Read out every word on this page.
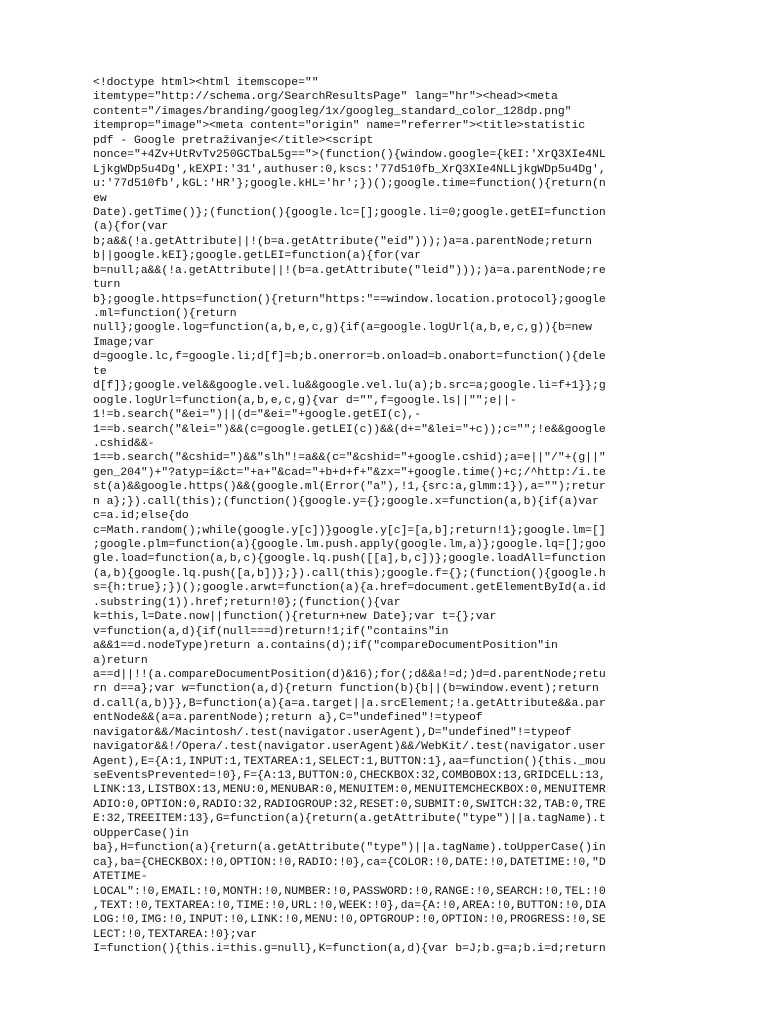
<!doctype html><html itemscope=""
itemtype="http://schema.org/SearchResultsPage" lang="hr"><head><meta
content="/images/branding/googleg/1x/googleg_standard_color_128dp.png"
itemprop="image"><meta content="origin" name="referrer"><title>statistic
pdf - Google pretraživanje</title><script
nonce="+4Zv+UtRvTv250GCTbaL5g==">(function(){window.google={kEI:'XrQ3XIe4NL
LjkgWDp5u4Dg',kEXPI:'31',authuser:0,kscs:'77d510fb_XrQ3XIe4NLLjkgWDp5u4Dg',
u:'77d510fb',kGL:'HR'};google.kHL='hr';})();google.time=function(){return(n
ew
Date).getTime()};(function(){google.lc=[];google.li=0;google.getEI=function
(a){for(var
b;a&&(!a.getAttribute||!(b=a.getAttribute("eid")));)a=a.parentNode;return
b||google.kEI};google.getLEI=function(a){for(var
b=null;a&&(!a.getAttribute||!(b=a.getAttribute("leid")));)a=a.parentNode;re
turn
b};google.https=function(){return"https:"==window.location.protocol};google
.ml=function(){return
null};google.log=function(a,b,e,c,g){if(a=google.logUrl(a,b,e,c,g)){b=new
Image;var
d=google.lc,f=google.li;d[f]=b;b.onerror=b.onload=b.onabort=function(){dele
te
d[f]};google.vel&&google.vel.lu&&google.vel.lu(a);b.src=a;google.li=f+1}};g
oogle.logUrl=function(a,b,e,c,g){var d="",f=google.ls||"";e||-
1!=b.search("&ei=")||(d="&ei="+google.getEI(c),-
1==b.search("&lei=")&&(c=google.getLEI(c))&&(d+="&lei="+c));c="";!e&&google
.cshid&&-
1==b.search("&cshid=")&&"slh"!=a&&(c="&cshid="+google.cshid);a=e||"/"+(g||"
gen_204")+"?atyp=i&ct="+a+"&cad="+b+d+f+"&zx="+google.time()+c;/^http:/i.te
st(a)&&google.https()&&(google.ml(Error("a"),!1,{src:a,glmm:1}),a="");retur
n a};}).call(this);(function(){google.y={};google.x=function(a,b){if(a)var
c=a.id;else{do
c=Math.random();while(google.y[c])}google.y[c]=[a,b];return!1};google.lm=[]
;google.plm=function(a){google.lm.push.apply(google.lm,a)};google.lq=[];goo
gle.load=function(a,b,c){google.lq.push([[a],b,c])};google.loadAll=function
(a,b){google.lq.push([a,b])};}).call(this);google.f={};(function(){google.h
s={h:true};})();google.arwt=function(a){a.href=document.getElementById(a.id
.substring(1)).href;return!0};(function(){var
k=this,l=Date.now||function(){return+new Date};var t={};var
v=function(a,d){if(null===d)return!1;if("contains"in
a&&1==d.nodeType)return a.contains(d);if("compareDocumentPosition"in
a)return
a==d||!!(a.compareDocumentPosition(d)&16);for(;d&&a!=d;)d=d.parentNode;retu
rn d==a};var w=function(a,d){return function(b){b||(b=window.event);return
d.call(a,b)}},B=function(a){a=a.target||a.srcElement;!a.getAttribute&&a.par
entNode&&(a=a.parentNode);return a},C="undefined"!=typeof
navigator&&/Macintosh/.test(navigator.userAgent),D="undefined"!=typeof
navigator&&!/Opera/.test(navigator.userAgent)&&/WebKit/.test(navigator.user
Agent),E={A:1,INPUT:1,TEXTAREA:1,SELECT:1,BUTTON:1},aa=function(){this._mou
seEventsPrevented=!0},F={A:13,BUTTON:0,CHECKBOX:32,COMBOBOX:13,GRIDCELL:13,
LINK:13,LISTBOX:13,MENU:0,MENUBAR:0,MENUITEM:0,MENUITEMCHECKBOX:0,MENUITEMR
ADIO:0,OPTION:0,RADIO:32,RADIOGROUP:32,RESET:0,SUBMIT:0,SWITCH:32,TAB:0,TRE
E:32,TREEITEM:13},G=function(a){return(a.getAttribute("type")||a.tagName).t
oUpperCase()in
ba},H=function(a){return(a.getAttribute("type")||a.tagName).toUpperCase()in
ca},ba={CHECKBOX:!0,OPTION:!0,RADIO:!0},ca={COLOR:!0,DATE:!0,DATETIME:!0,"D
ATETIME-
LOCAL":!0,EMAIL:!0,MONTH:!0,NUMBER:!0,PASSWORD:!0,RANGE:!0,SEARCH:!0,TEL:!0
,TEXT:!0,TEXTAREA:!0,TIME:!0,URL:!0,WEEK:!0},da={A:!0,AREA:!0,BUTTON:!0,DIA
LOG:!0,IMG:!0,INPUT:!0,LINK:!0,MENU:!0,OPTGROUP:!0,OPTION:!0,PROGRESS:!0,SE
LECT:!0,TEXTAREA:!0};var
I=function(){this.i=this.g=null},K=function(a,d){var b=J;b.g=a;b.i=d;return
